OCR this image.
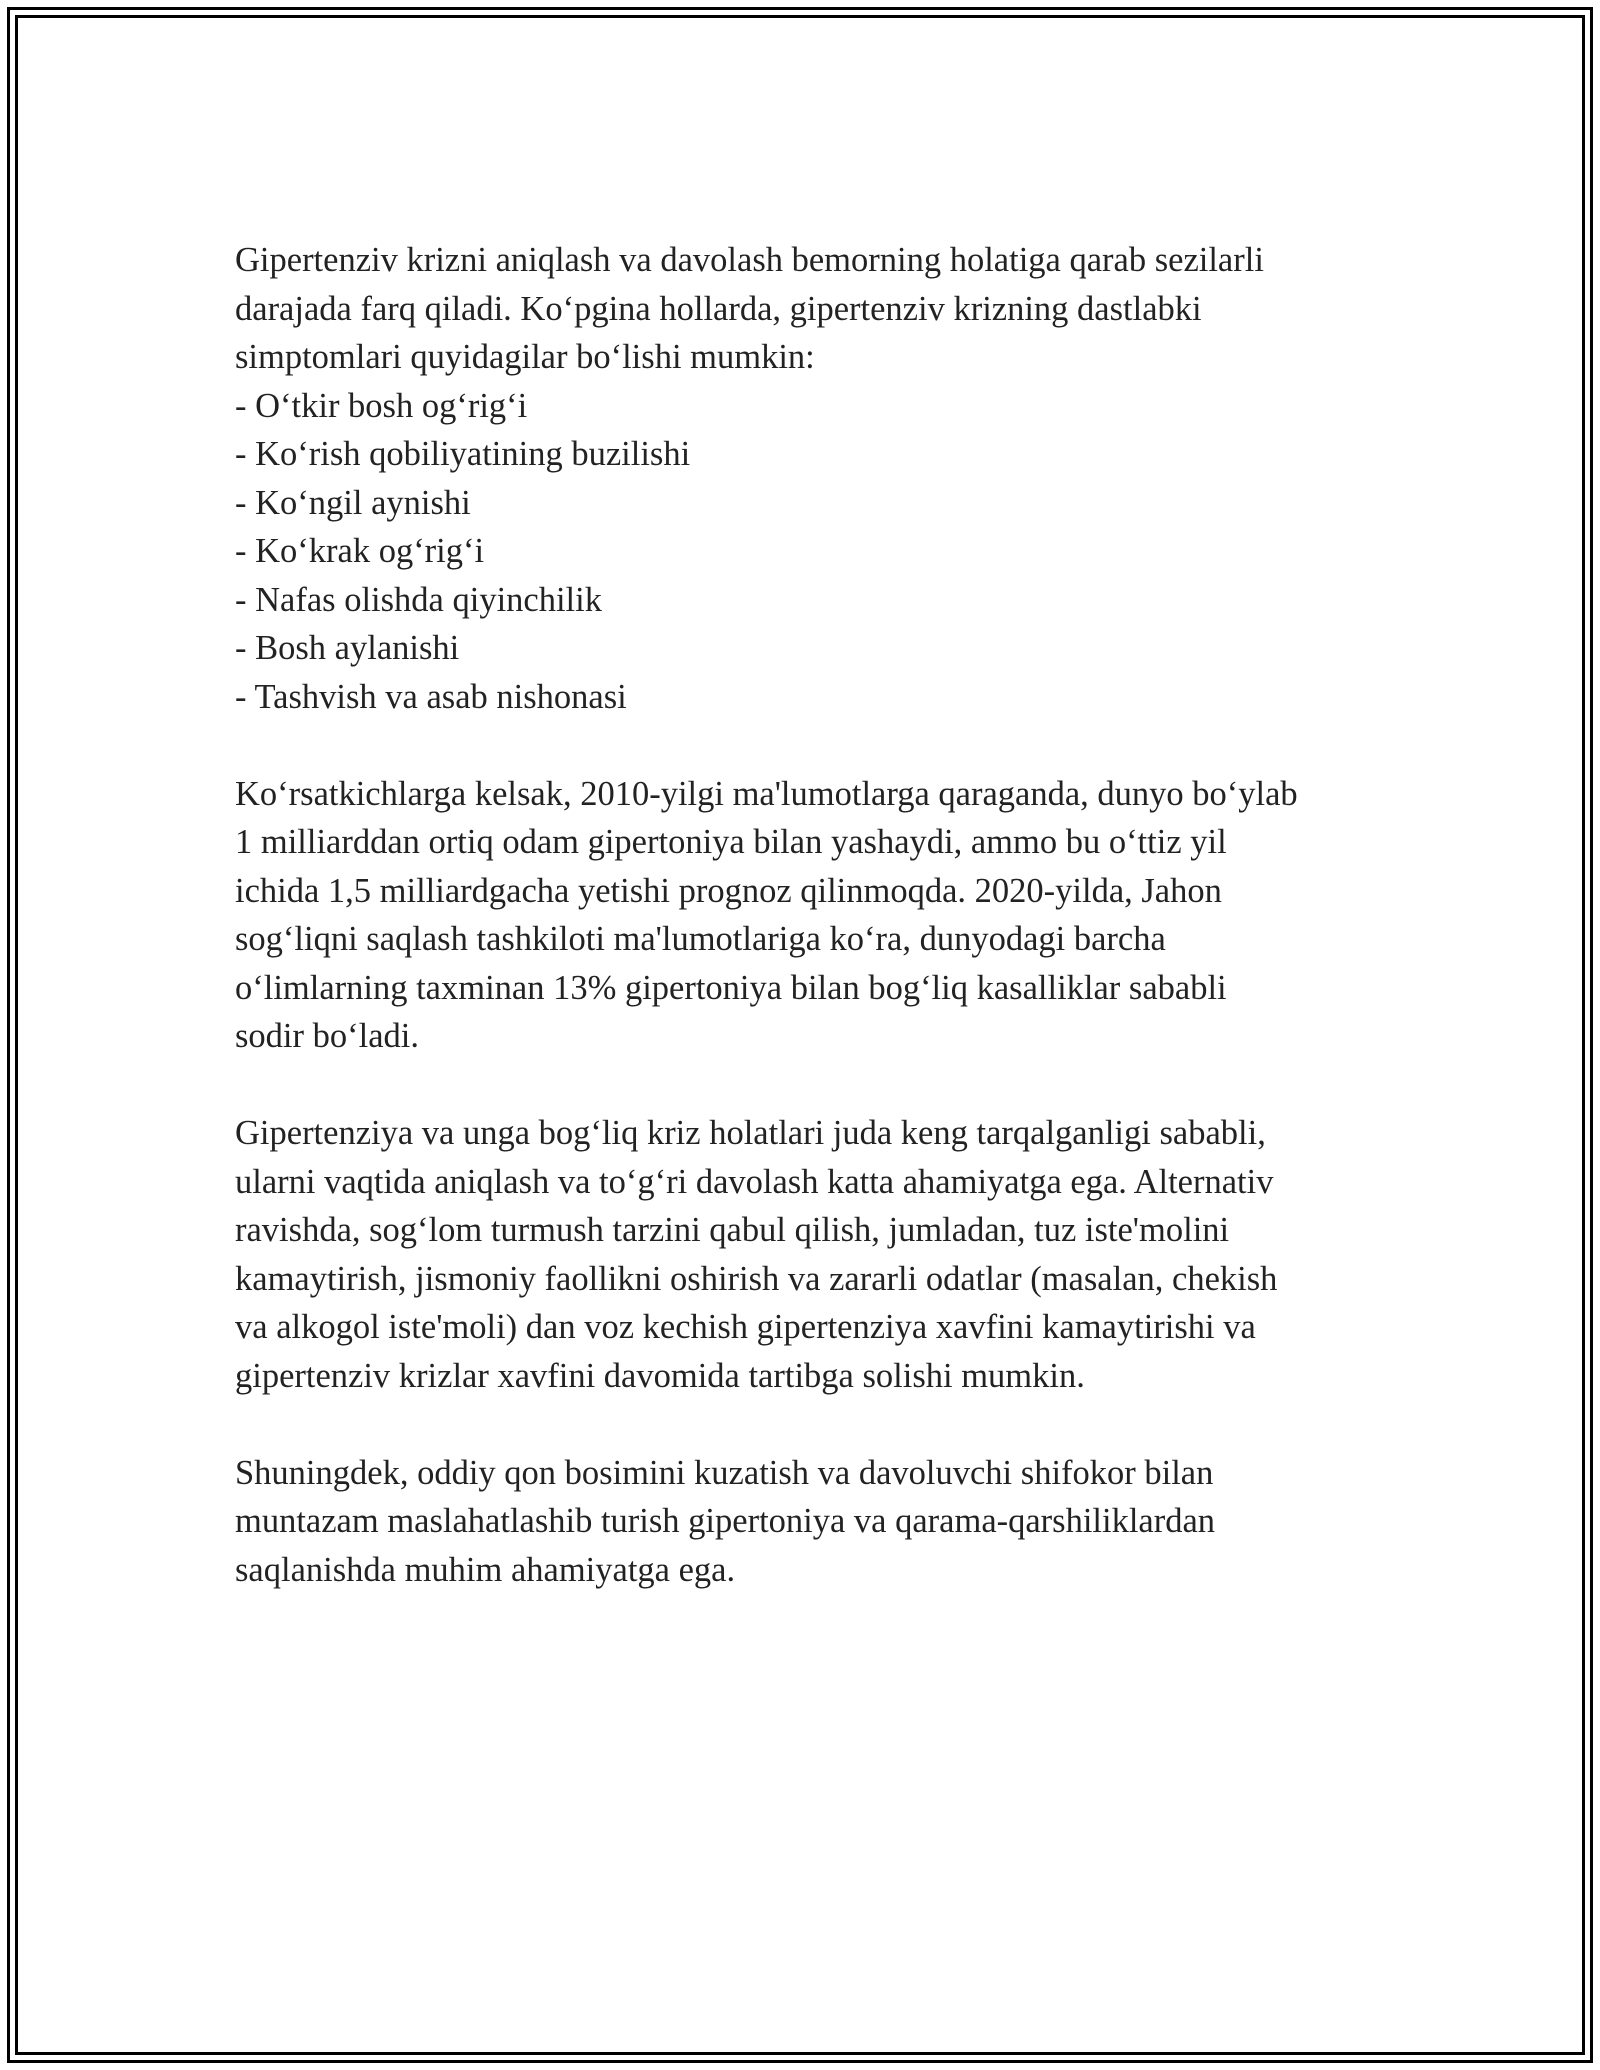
Gipertenziv krizni aniqlash va davolash bemorning holatiga qarab sezilarli
darajada farq qiladi. Ko‘pgina hollarda, gipertenziv krizning dastlabki
simptomlari quyidagilar bo‘lishi mumkin:
- O‘tkir bosh og‘rig‘i
- Ko‘rish qobiliyatining buzilishi
- Ko‘ngil aynishi
- Ko‘krak og‘rig‘i
- Nafas olishda qiyinchilik
- Bosh aylanishi
- Tashvish va asab nishonasi

Ko‘rsatkichlarga kelsak, 2010-yilgi ma'lumotlarga qaraganda, dunyo bo‘ylab
1 milliarddan ortiq odam gipertoniya bilan yashaydi, ammo bu o‘ttiz yil
ichida 1,5 milliardgacha yetishi prognoz qilinmoqda. 2020-yilda, Jahon
sog‘liqni saqlash tashkiloti ma'lumotlariga ko‘ra, dunyodagi barcha
o‘limlarning taxminan 13% gipertoniya bilan bog‘liq kasalliklar sababli
sodir bo‘ladi.

Gipertenziya va unga bog‘liq kriz holatlari juda keng tarqalganligi sababli,
ularni vaqtida aniqlash va to‘g‘ri davolash katta ahamiyatga ega. Alternativ
ravishda, sog‘lom turmush tarzini qabul qilish, jumladan, tuz iste'molini
kamaytirish, jismoniy faollikni oshirish va zararli odatlar (masalan, chekish
va alkogol iste'moli) dan voz kechish gipertenziya xavfini kamaytirishi va
gipertenziv krizlar xavfini davomida tartibga solishi mumkin.

Shuningdek, oddiy qon bosimini kuzatish va davoluvchi shifokor bilan
muntazam maslahatlashib turish gipertoniya va qarama-qarshiliklardan
saqlanishda muhim ahamiyatga ega.
